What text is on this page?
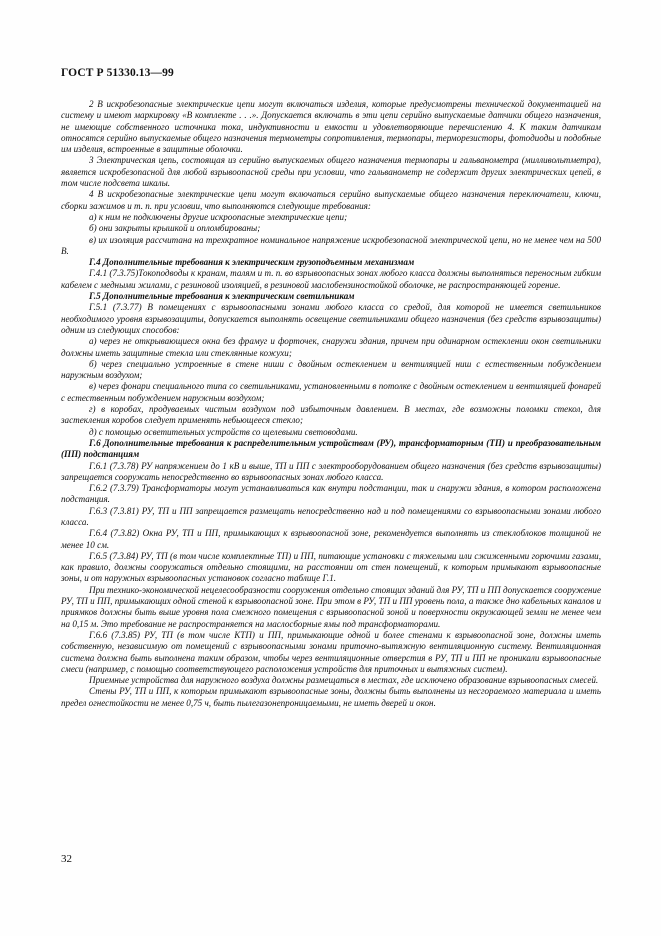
ГОСТ Р 51330.13—99

2 В искробезопасные электрические цепи могут включаться изделия, которые предусмотрены технической документацией на систему и имеют маркировку «В комплекте . . .». Допускается включать в эти цепи серийно выпускаемые датчики общего назначения, не имеющие собственного источника тока, индуктивности и емкости и удовлетворяющие перечислению 4. К таким датчикам относятся серийно выпускаемые общего назначения термометры сопротивления, термопары, терморезисторы, фотодиоды и подобные им изделия, встроенные в защитные оболочки.

3 Электрическая цепь, состоящая из серийно выпускаемых общего назначения термопары и гальванометра (милливольтметра), является искробезопасной для любой взрывоопасной среды при условии, что гальванометр не содержит других электрических цепей, в том числе подсвета шкалы.

4 В искробезопасные электрические цепи могут включаться серийно выпускаемые общего назначения переключатели, ключи, сборки зажимов и т. п. при условии, что выполняются следующие требования:

а) к ним не подключены другие искроопасные электрические цепи;

б) они закрыты крышкой и опломбированы;

в) их изоляция рассчитана на трехкратное номинальное напряжение искробезопасной электрической цепи, но не менее чем на 500 В.

Г.4 Дополнительные требования к электрическим грузоподъемным механизмам

Г.4.1 (7.3.75)Токоподводы к кранам, талям и т. п. во взрывоопасных зонах любого класса должны выполняться переносным гибким кабелем с медными жилами, с резиновой изоляцией, в резиновой маслобензиностойкой оболочке, не распространяющей горение.

Г.5 Дополнительные требования к электрическим светильникам

Г.5.1 (7.3.77) В помещениях с взрывоопасными зонами любого класса со средой, для которой не имеется светильников необходимого уровня взрывозащиты, допускается выполнять освещение светильниками общего назначения (без средств взрывозащиты) одним из следующих способов:

а) через не открывающиеся окна без фрамуг и форточек, снаружи здания, причем при одинарном остеклении окон светильники должны иметь защитные стекла или стеклянные кожухи;

б) через специально устроенные в стене ниши с двойным остеклением и вентиляцией ниш с естественным побуждением наружным воздухом;

в) через фонари специального типа со светильниками, установленными в потолке с двойным остеклением и вентиляцией фонарей с естественным побуждением наружным воздухом;

г) в коробах, продуваемых чистым воздухом под избыточным давлением. В местах, где возможны поломки стекол, для застекления коробов следует применять небьющееся стекло;

д) с помощью осветительных устройств со щелевыми световодами.

Г.6 Дополнительные требования к распределительным устройствам (РУ), трансформаторным (ТП) и преобразовательным (ПП) подстанциям

Г.6.1 (7.3.78) РУ напряжением до 1 кВ и выше, ТП и ПП с электрооборудованием общего назначения (без средств взрывозащиты) запрещается сооружать непосредственно во взрывоопасных зонах любого класса.

Г.6.2 (7.3.79) Трансформаторы могут устанавливаться как внутри подстанции, так и снаружи здания, в котором расположена подстанция.

Г.6.3 (7.3.81) РУ, ТП и ПП запрещается размещать непосредственно над и под помещениями со взрывоопасными зонами любого класса.

Г.6.4 (7.3.82) Окна РУ, ТП и ПП, примыкающих к взрывоопасной зоне, рекомендуется выполнять из стеклоблоков толщиной не менее 10 см.

Г.6.5 (7.3.84) РУ, ТП (в том числе комплектные ТП) и ПП, питающие установки с тяжелыми или сжиженными горючими газами, как правило, должны сооружаться отдельно стоящими, на расстоянии от стен помещений, к которым примыкают взрывоопасные зоны, и от наружных взрывоопасных установок согласно таблице Г.1.

При технико-экономической нецелесообразности сооружения отдельно стоящих зданий для РУ, ТП и ПП допускается сооружение РУ, ТП и ПП, примыкающих одной стеной к взрывоопасной зоне. При этом в РУ, ТП и ПП уровень пола, а также дно кабельных каналов и приямков должны быть выше уровня пола смежного помещения с взрывоопасной зоной и поверхности окружающей земли не менее чем на 0,15 м. Это требование не распространяется на маслосборные ямы под трансформаторами.

Г.6.6 (7.3.85) РУ, ТП (в том числе КТП) и ПП, примыкающие одной и более стенами к взрывоопасной зоне, должны иметь собственную, независимую от помещений с взрывоопасными зонами приточно-вытяжную вентиляционную систему. Вентиляционная система должна быть выполнена таким образом, чтобы через вентиляционные отверстия в РУ, ТП и ПП не проникали взрывоопасные смеси (например, с помощью соответствующего расположения устройств для приточных и вытяжных систем).

Приемные устройства для наружного воздуха должны размещаться в местах, где исключено образование взрывоопасных смесей.

Стены РУ, ТП и ПП, к которым примыкают взрывоопасные зоны, должны быть выполнены из несгораемого материала и иметь предел огнестойкости не менее 0,75 ч, быть пылегазонепроницаемыми, не иметь дверей и окон.

32
